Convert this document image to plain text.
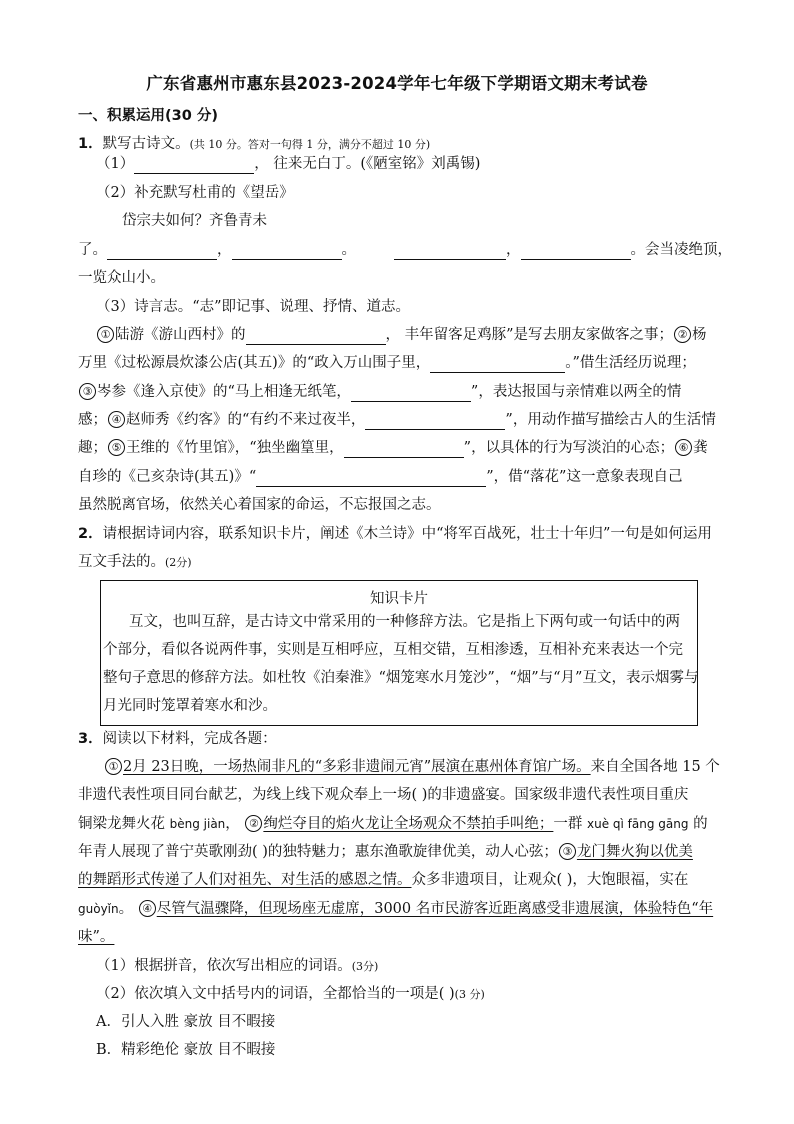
广东省惠州市惠东县2023-2024学年七年级下学期语文期末考试卷
一、积累运用(30 分)
1．默写古诗文。(共 10 分。答对一句得 1 分，满分不超过 10 分)
（1）	， 往来无白丁。(《陋室铭》刘禹锡)
（2）补充默写杜甫的《望岳》
岱宗夫如何？齐鲁青未
了。	，	。	，	。会当凌绝顶，
一览众山小。
（3）诗言志。“志”即记事、说理、抒情、道志。
① 陆游《游山西村》的	， 丰年留客足鸡豚”是写去朋友家做客之事； ② 杨
万里《过松源晨炊漆公店(其五)》的“政入万山围子里，	。”借生活经历说理；
③ 岑参《逢入京使》的“马上相逢无纸笔，	”，表达报国与亲情难以两全的情
感； ④ 赵师秀《约客》的“有约不来过夜半，	”，用动作描写描绘古人的生活情
趣； ⑤ 王维的《竹里馆》，“独坐幽篁里，	”，以具体的行为写淡泊的心态； ⑥ 龚
自珍的《己亥杂诗(其五)》“	”，借“落花”这一意象表现自己
虽然脱离官场，依然关心着国家的命运，不忘报国之志。
2．请根据诗词内容，联系知识卡片，阐述《木兰诗》中“将军百战死，壮士十年归”一句是如何运用
互文手法的。(2分)
知识卡片
互文，也叫互辞，是古诗文中常采用的一种修辞方法。它是指上下两句或一句话中的两
个部分，看似各说两件事，实则是互相呼应，互相交错，互相渗透，互相补充来表达一个完
整句子意思的修辞方法。如杜牧《泊秦淮》“烟笼寒水月笼沙”，“烟”与“月”互文，表示烟雾与
月光同时笼罩着寒水和沙。
3．阅读以下材料，完成各题：
① 2月 23日晚，一场热闹非凡的“多彩非遗闹元宵”展演在惠州体育馆广场。来自全国各地 15 个
非遗代表性项目同台献艺，为线上线下观众奉上一场( )的非遗盛宴。国家级非遗代表性项目重庆
铜梁龙舞火花 bèng jiàn， ② 绚烂夺目的焰火龙让全场观众不禁拍手叫绝；一群 xuè qì fāng gāng 的
年青人展现了普宁英歌刚劲( )的独特魅力；惠东渔歌旋律优美，动人心弦； ③ 龙门舞火狗以优美
的舞蹈形式传递了人们对祖先、对生活的感恩之情。众多非遗项目，让观众( )，大饱眼福，实在
guòyǐn。 ④ 尽管气温骤降，但现场座无虚席，3000 名市民游客近距离感受非遗展演，体验特色“年
味”。
（1）根据拼音，依次写出相应的词语。(3分)
（2）依次填入文中括号内的词语，全都恰当的一项是( )(3 分)
A．引人入胜 豪放 目不暇接
B．精彩绝伦 豪放 目不暇接
